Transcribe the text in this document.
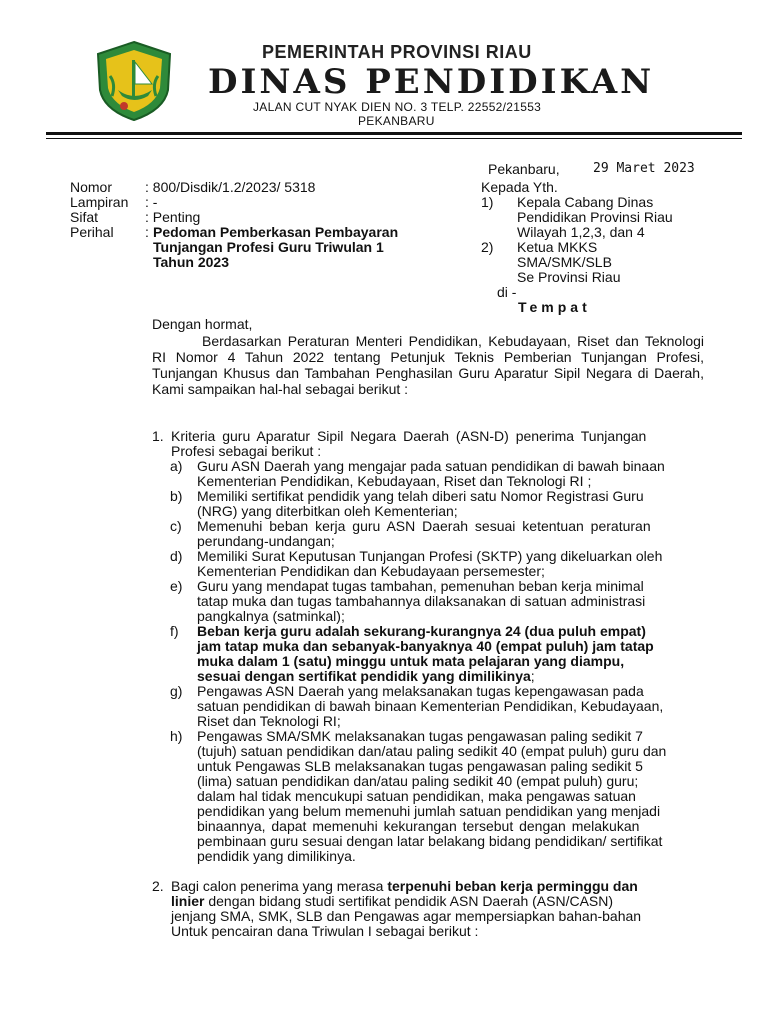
PEMERINTAH PROVINSI RIAU
DINAS PENDIDIKAN
JALAN CUT NYAK DIEN NO. 3 TELP. 22552/21553
PEKANBARU
Pekanbaru,	29 Maret 2023
Nomor : 800/Disdik/1.2/2023/ 5318
Lampiran : -
Sifat	: Penting
Perihal : Pedoman Pemberkasan Pembayaran
Tunjangan Profesi Guru Triwulan 1
Tahun 2023
Kepada Yth.
1) Kepala Cabang Dinas
Pendidikan Provinsi Riau
Wilayah 1,2,3, dan 4
2) Ketua MKKS
SMA/SMK/SLB
Se Provinsi Riau
di -
Tempat
Dengan hormat,
Berdasarkan Peraturan Menteri Pendidikan, Kebudayaan, Riset dan Teknologi RI Nomor 4 Tahun 2022 tentang Petunjuk Teknis Pemberian Tunjangan Profesi, Tunjangan Khusus dan Tambahan Penghasilan Guru Aparatur Sipil Negara di Daerah, Kami sampaikan hal-hal sebagai berikut :
1. Kriteria guru Aparatur Sipil Negara Daerah (ASN-D) penerima Tunjangan
Profesi sebagai berikut :
a) Guru ASN Daerah yang mengajar pada satuan pendidikan di bawah binaan
Kementerian Pendidikan, Kebudayaan, Riset dan Teknologi RI ;
b) Memiliki sertifikat pendidik yang telah diberi satu Nomor Registrasi Guru
(NRG) yang diterbitkan oleh Kementerian;
c) Memenuhi beban kerja guru ASN Daerah sesuai ketentuan peraturan
perundang-undangan;
d) Memiliki Surat Keputusan Tunjangan Profesi (SKTP) yang dikeluarkan oleh
Kementerian Pendidikan dan Kebudayaan persemester;
e) Guru yang mendapat tugas tambahan, pemenuhan beban kerja minimal
tatap muka dan tugas tambahannya dilaksanakan di satuan administrasi
pangkalnya (satminkal);
f) Beban kerja guru adalah sekurang-kurangnya 24 (dua puluh empat)
jam tatap muka dan sebanyak-banyaknya 40 (empat puluh) jam tatap
muka dalam 1 (satu) minggu untuk mata pelajaran yang diampu,
sesuai dengan sertifikat pendidik yang dimilikinya;
g) Pengawas ASN Daerah yang melaksanakan tugas kepengawasan pada
satuan pendidikan di bawah binaan Kementerian Pendidikan, Kebudayaan,
Riset dan Teknologi RI;
h) Pengawas SMA/SMK melaksanakan tugas pengawasan paling sedikit 7
(tujuh) satuan pendidikan dan/atau paling sedikit 40 (empat puluh) guru dan
untuk Pengawas SLB melaksanakan tugas pengawasan paling sedikit 5
(lima) satuan pendidikan dan/atau paling sedikit 40 (empat puluh) guru;
dalam hal tidak mencukupi satuan pendidikan, maka pengawas satuan
pendidikan yang belum memenuhi jumlah satuan pendidikan yang menjadi
binaannya, dapat memenuhi kekurangan tersebut dengan melakukan
pembinaan guru sesuai dengan latar belakang bidang pendidikan/ sertifikat
pendidik yang dimilikinya.
2. Bagi calon penerima yang merasa terpenuhi beban kerja perminggu dan
linier dengan bidang studi sertifikat pendidik ASN Daerah (ASN/CASN)
jenjang SMA, SMK, SLB dan Pengawas agar mempersiapkan bahan-bahan
Untuk pencairan dana Triwulan I sebagai berikut :
